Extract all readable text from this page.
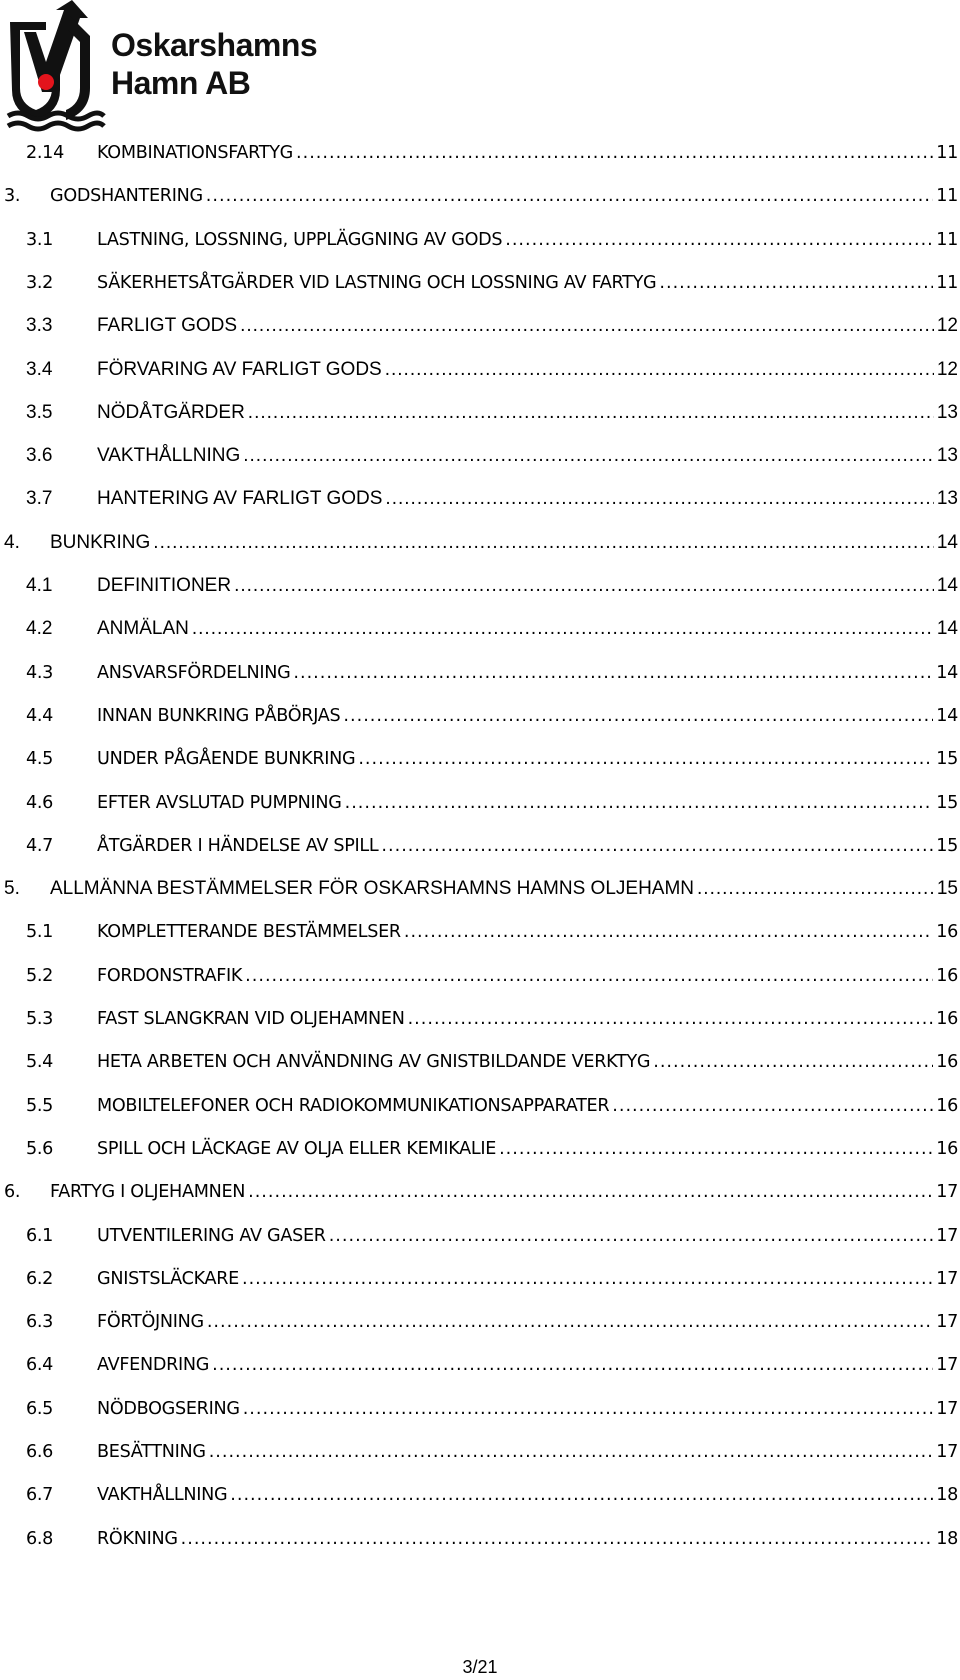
Oskarshamns
Hamn AB
2.14	KOMBINATIONSFARTYG .....	11
3.	GODSHANTERING .....	11
3.1	LASTNING, LOSSNING, UPPLÄGGNING AV GODS .....	11
3.2	SÄKERHETSÅTGÄRDER VID LASTNING OCH LOSSNING AV FARTYG .....	11
3.3	FARLIGT GODS .....	12
3.4	FÖRVARING AV FARLIGT GODS .....	12
3.5	NÖDÅTGÄRDER .....	13
3.6	VAKTHÅLLNING .....	13
3.7	HANTERING AV FARLIGT GODS .....	13
4.	BUNKRING .....	14
4.1	DEFINITIONER .....	14
4.2	ANMÄLAN .....	14
4.3	ANSVARSFÖRDELNING .....	14
4.4	INNAN BUNKRING PÅBÖRJAS .....	14
4.5	UNDER PÅGÅENDE BUNKRING .....	15
4.6	EFTER AVSLUTAD PUMPNING .....	15
4.7	ÅTGÄRDER I HÄNDELSE AV SPILL .....	15
5.	ALLMÄNNA BESTÄMMELSER FÖR OSKARSHAMNS HAMNS OLJEHAMN .....	15
5.1	KOMPLETTERANDE BESTÄMMELSER .....	16
5.2	FORDONSTRAFIK .....	16
5.3	FAST SLANGKRAN VID OLJEHAMNEN .....	16
5.4	HETA ARBETEN OCH ANVÄNDNING AV GNISTBILDANDE VERKTYG .....	16
5.5	MOBILTELEFONER OCH RADIOKOMMUNIKATIONSAPPARATER .....	16
5.6	SPILL OCH LÄCKAGE AV OLJA ELLER KEMIKALIE .....	16
6.	FARTYG I OLJEHAMNEN .....	17
6.1	UTVENTILERING AV GASER .....	17
6.2	GNISTSLÄCKARE .....	17
6.3	FÖRTÖJNING .....	17
6.4	AVFENDRING .....	17
6.5	NÖDBOGSERING .....	17
6.6	BESÄTTNING .....	17
6.7	VAKTHÅLLNING .....	18
6.8	RÖKNING .....	18
3/21
